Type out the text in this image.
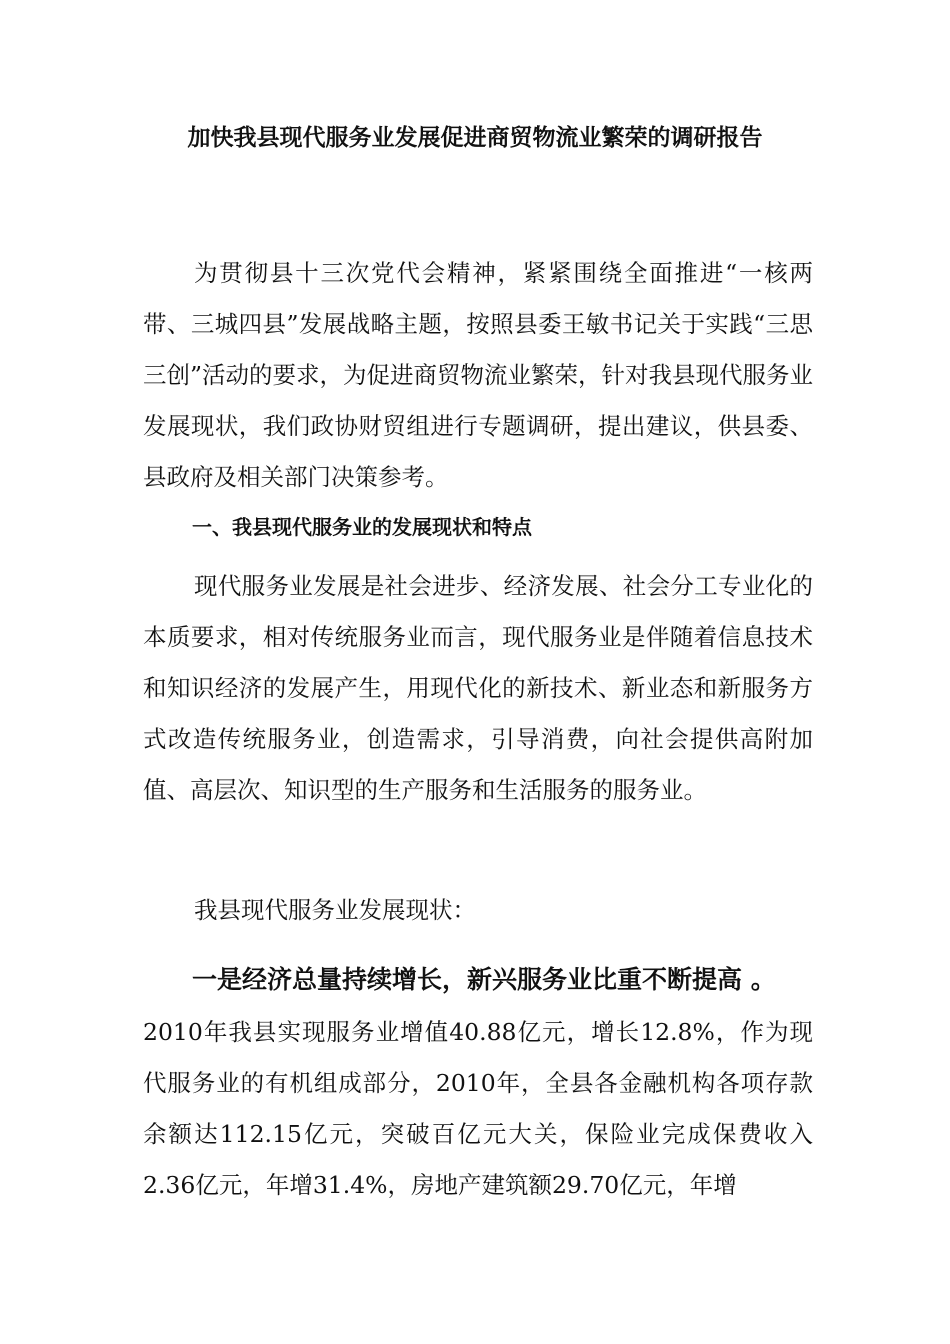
加快我县现代服务业发展促进商贸物流业繁荣的调研报告

为贯彻县十三次党代会精神，紧紧围绕全面推进“一核两带、三城四县”发展战略主题，按照县委王敏书记关于实践“三思三创”活动的要求，为促进商贸物流业繁荣，针对我县现代服务业发展现状，我们政协财贸组进行专题调研，提出建议，供县委、县政府及相关部门决策参考。

一、我县现代服务业的发展现状和特点

现代服务业发展是社会进步、经济发展、社会分工专业化的本质要求，相对传统服务业而言，现代服务业是伴随着信息技术和知识经济的发展产生，用现代化的新技术、新业态和新服务方式改造传统服务业，创造需求，引导消费，向社会提供高附加值、高层次、知识型的生产服务和生活服务的服务业。

我县现代服务业发展现状：

一是经济总量持续增长，新兴服务业比重不断提高 。

2010年我县实现服务业增值40.88亿元，增长12.8%，作为现代服务业的有机组成部分，2010年，全县各金融机构各项存款余额达112.15亿元，突破百亿元大关，保险业完成保费收入2.36亿元，年增31.4%，房地产建筑额29.70亿元，年增
